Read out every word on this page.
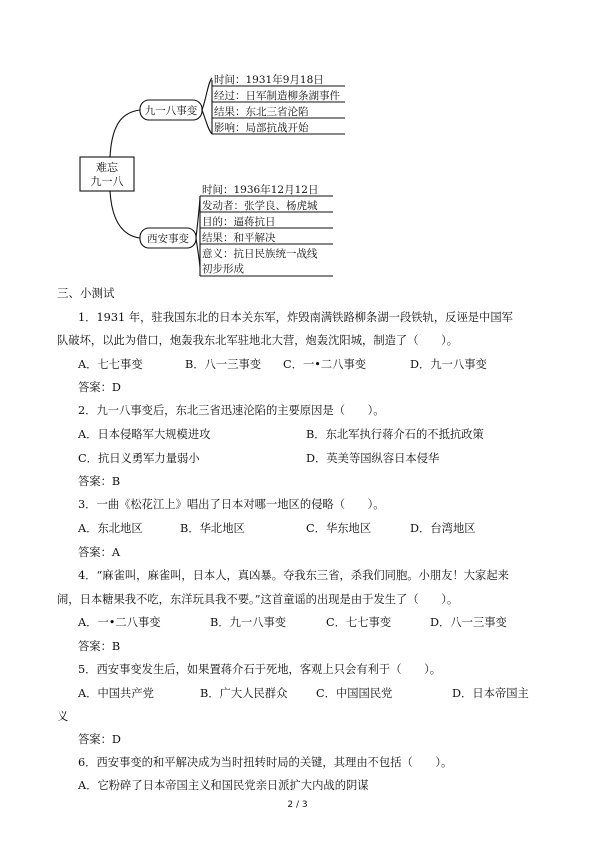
难忘
九一八
九一八事变
时间：1931年9月18日
经过：日军制造柳条湖事件
结果：东北三省沦陷
影响：局部抗战开始
西安事变
时间：1936年12月12日
发动者：张学良、杨虎城
目的：逼蒋抗日
结果：和平解决
意义：抗日民族统一战线
初步形成
三、小测试
1．1931 年，驻我国东北的日本关东军，炸毁南满铁路柳条湖一段铁轨，反诬是中国军
队破坏，以此为借口，炮轰我东北军驻地北大营，炮轰沈阳城，制造了（　　）。
A．七七事变	B．八一三事变 C．一•二八事变	D．九一八事变
答案：D
2．九一八事变后，东北三省迅速沦陷的主要原因是（　　）。
A．日本侵略军大规模进攻	B．东北军执行蒋介石的不抵抗政策
C．抗日义勇军力量弱小	D．英美等国纵容日本侵华
答案：B
3．一曲《松花江上》唱出了日本对哪一地区的侵略（　　）。
A．东北地区	B．华北地区	C．华东地区	D．台湾地区
答案：A
4．“麻雀叫，麻雀叫，日本人，真凶暴。夺我东三省，杀我们同胞。小朋友！大家起来
闹，日本糖果我不吃，东洋玩具我不要。”这首童谣的出现是由于发生了（　　）。
A．一•二八事变	B．九一八事变	C．七七事变	D．八一三事变
答案：B
5．西安事变发生后，如果置蒋介石于死地，客观上只会有利于（　　）。
A．中国共产党	B．广大人民群众	C．中国国民党	D．日本帝国主
义
答案：D
6．西安事变的和平解决成为当时扭转时局的关键，其理由不包括（　　）。
A．它粉碎了日本帝国主义和国民党亲日派扩大内战的阴谋
2 / 3
